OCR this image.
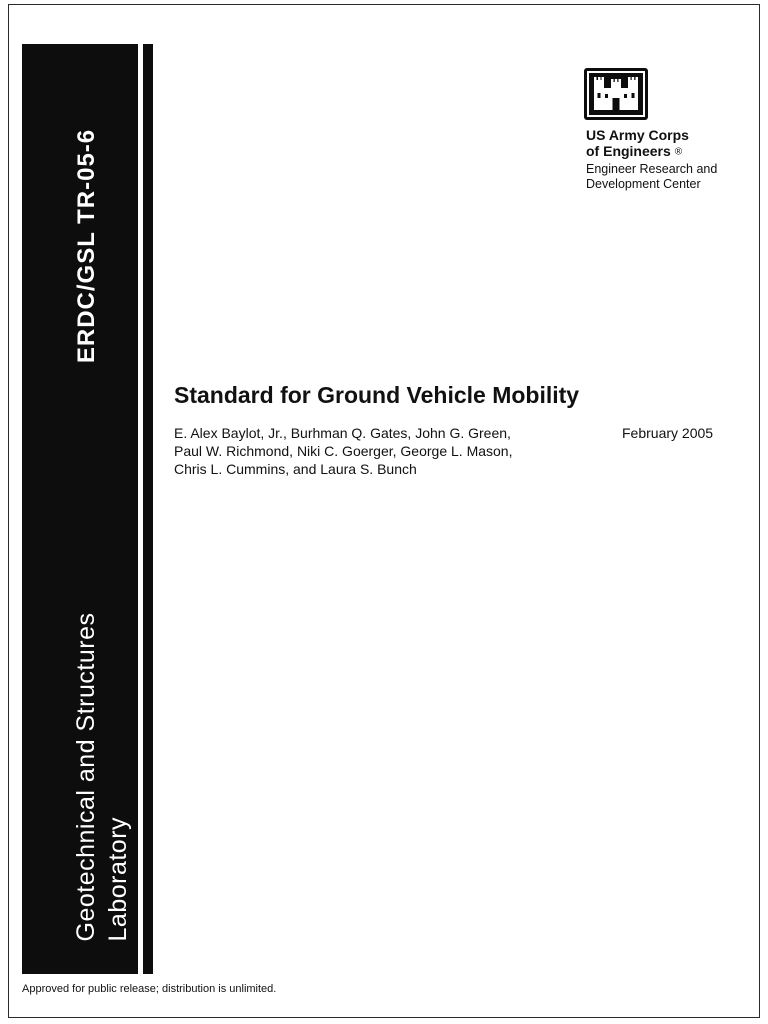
ERDC/GSL TR-05-6
Geotechnical and Structures Laboratory
US Army Corps
of Engineers ®
Engineer Research and
Development Center
Standard for Ground Vehicle Mobility
E. Alex Baylot, Jr., Burhman Q. Gates, John G. Green,
Paul W. Richmond, Niki C. Goerger, George L. Mason,
Chris L. Cummins, and Laura S. Bunch
February 2005
Approved for public release; distribution is unlimited.
